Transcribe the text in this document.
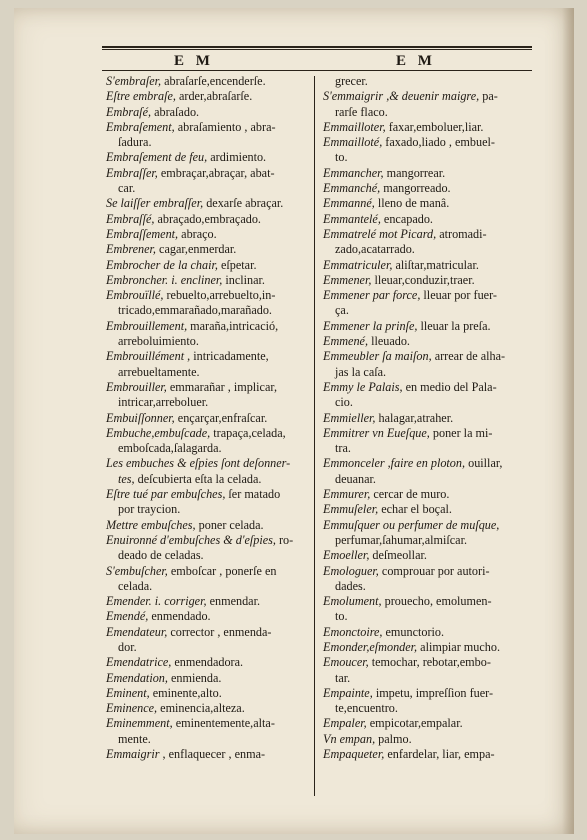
E M	E M
S'embraſer, abraſarſe,encenderſe.
Eſtre embraſe, arder,abraſarſe.
Embraſé, abraſado.
Embraſement, abraſamiento , abra-
ſadura.
Embraſement de feu, ardimiento.
Embraſſer, embraçar,abraçar, abat-
car.
Se laiſſer embraſſer, dexarſe abraçar.
Embraſſé, abraçado,embraçado.
Embraſſement, abraço.
Embrener, cagar,enmerdar.
Embrocher de la chair, eſpetar.
Embroncher. i. encliner, inclinar.
Embrouïllé, rebuelto,arrebuelto,in-
tricado,emmarañado,marañado.
Embrouillement, maraña,intricació,
arreboluimiento.
Embrouillément , intricadamente,
arrebueltamente.
Embrouiller, emmarañar , implicar,
intricar,arreboluer.
Embuiſſonner, ençarçar,enfraſcar.
Embuche,embuſcade, trapaça,celada,
emboſcada,ſalagarda.
Les embuches & eſpies ſont deſonner-
tes, deſcubierta eſta la celada.
Eſtre tué par embuſches, ſer matado
por traycion.
Mettre embuſches, poner celada.
Enuironné d'embuſches & d'eſpies, ro-
deado de celadas.
S'embuſcher, emboſcar , ponerſe en
celada.
Emender. i. corriger, enmendar.
Emendé, enmendado.
Emendateur, corrector , enmenda-
dor.
Emendatrice, enmendadora.
Emendation, enmienda.
Eminent, eminente,alto.
Eminence, eminencia,alteza.
Eminemment, eminentemente,alta-
mente.
Emmaigrir , enflaquecer , enma-
grecer.
S'emmaigrir ,& deuenir maigre, pa-
rarſe flaco.
Emmailloter, faxar,emboluer,liar.
Emmailloté, faxado,liado , embuel-
to.
Emmancher, mangorrear.
Emmanché, mangorreado.
Emmanné, lleno de manâ.
Emmantelé, encapado.
Emmatrelé mot Picard, atromadi-
zado,acatarrado.
Emmatriculer, aliſtar,matricular.
Emmener, lleuar,conduzir,traer.
Emmener par force, lleuar por fuer-
ça.
Emmener la prinſe, lleuar la preſa.
Emmené, lleuado.
Emmeubler ſa maiſon, arrear de alha-
jas la caſa.
Emmy le Palais, en medio del Pala-
cio.
Emmieller, halagar,atraher.
Emmitrer vn Eueſque, poner la mi-
tra.
Emmonceler ,faire en ploton, ouillar,
deuanar.
Emmurer, cercar de muro.
Emmuſeler, echar el boçal.
Emmuſquer ou perfumer de muſque,
perfumar,ſahumar,almiſcar.
Emoeller, deſmeollar.
Emologuer, comprouar por autori-
dades.
Emolument, prouecho, emolumen-
to.
Emonctoire, emunctorio.
Emonder,eſmonder, alimpiar mucho.
Emoucer, temochar, rebotar,embo-
tar.
Empainte, impetu, impreſſion fuer-
te,encuentro.
Empaler, empicotar,empalar.
Vn empan, palmo.
Empaqueter, enfardelar, liar, empa-
